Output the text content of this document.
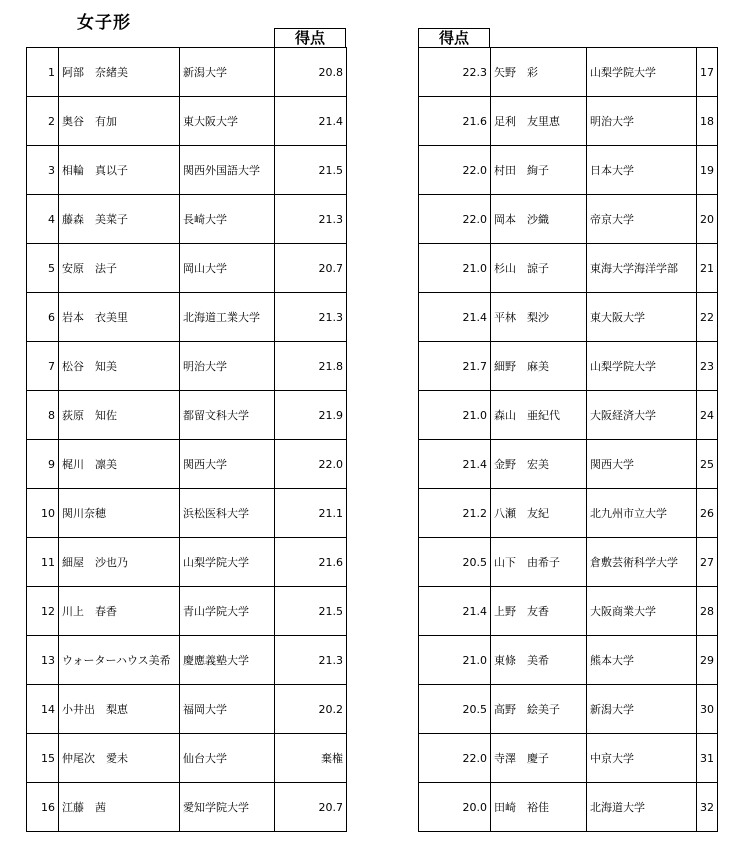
女子形
得点	得点
1	阿部　奈緒美	新潟大学	20.8		22.3	矢野　彩	山梨学院大学	17
2	奥谷　有加	東大阪大学	21.4		21.6	足利　友里恵	明治大学	18
3	相輪　真以子	関西外国語大学	21.5		22.0	村田　絢子	日本大学	19
4	藤森　美菜子	長崎大学	21.3		22.0	岡本　沙織	帝京大学	20
5	安原　法子	岡山大学	20.7		21.0	杉山　諒子	東海大学海洋学部	21
6	岩本　衣美里	北海道工業大学	21.3		21.4	平林　梨沙	東大阪大学	22
7	松谷　知美	明治大学	21.8		21.7	細野　麻美	山梨学院大学	23
8	荻原　知佐	都留文科大学	21.9		21.0	森山　亜紀代	大阪経済大学	24
9	梶川　凛美	関西大学	22.0		21.4	金野　宏美	関西大学	25
10	関川奈穂	浜松医科大学	21.1		21.2	八瀬　友紀	北九州市立大学	26
11	細屋　沙也乃	山梨学院大学	21.6		20.5	山下　由希子	倉敷芸術科学大学	27
12	川上　春香	青山学院大学	21.5		21.4	上野　友香	大阪商業大学	28
13	ウォーターハウス美希	慶應義塾大学	21.3		21.0	東條　美希	熊本大学	29
14	小井出　梨恵	福岡大学	20.2		20.5	高野　絵美子	新潟大学	30
15	仲尾次　愛未	仙台大学	棄権		22.0	寺澤　慶子	中京大学	31
16	江藤　茜	愛知学院大学	20.7		20.0	田崎　裕佳	北海道大学	32
